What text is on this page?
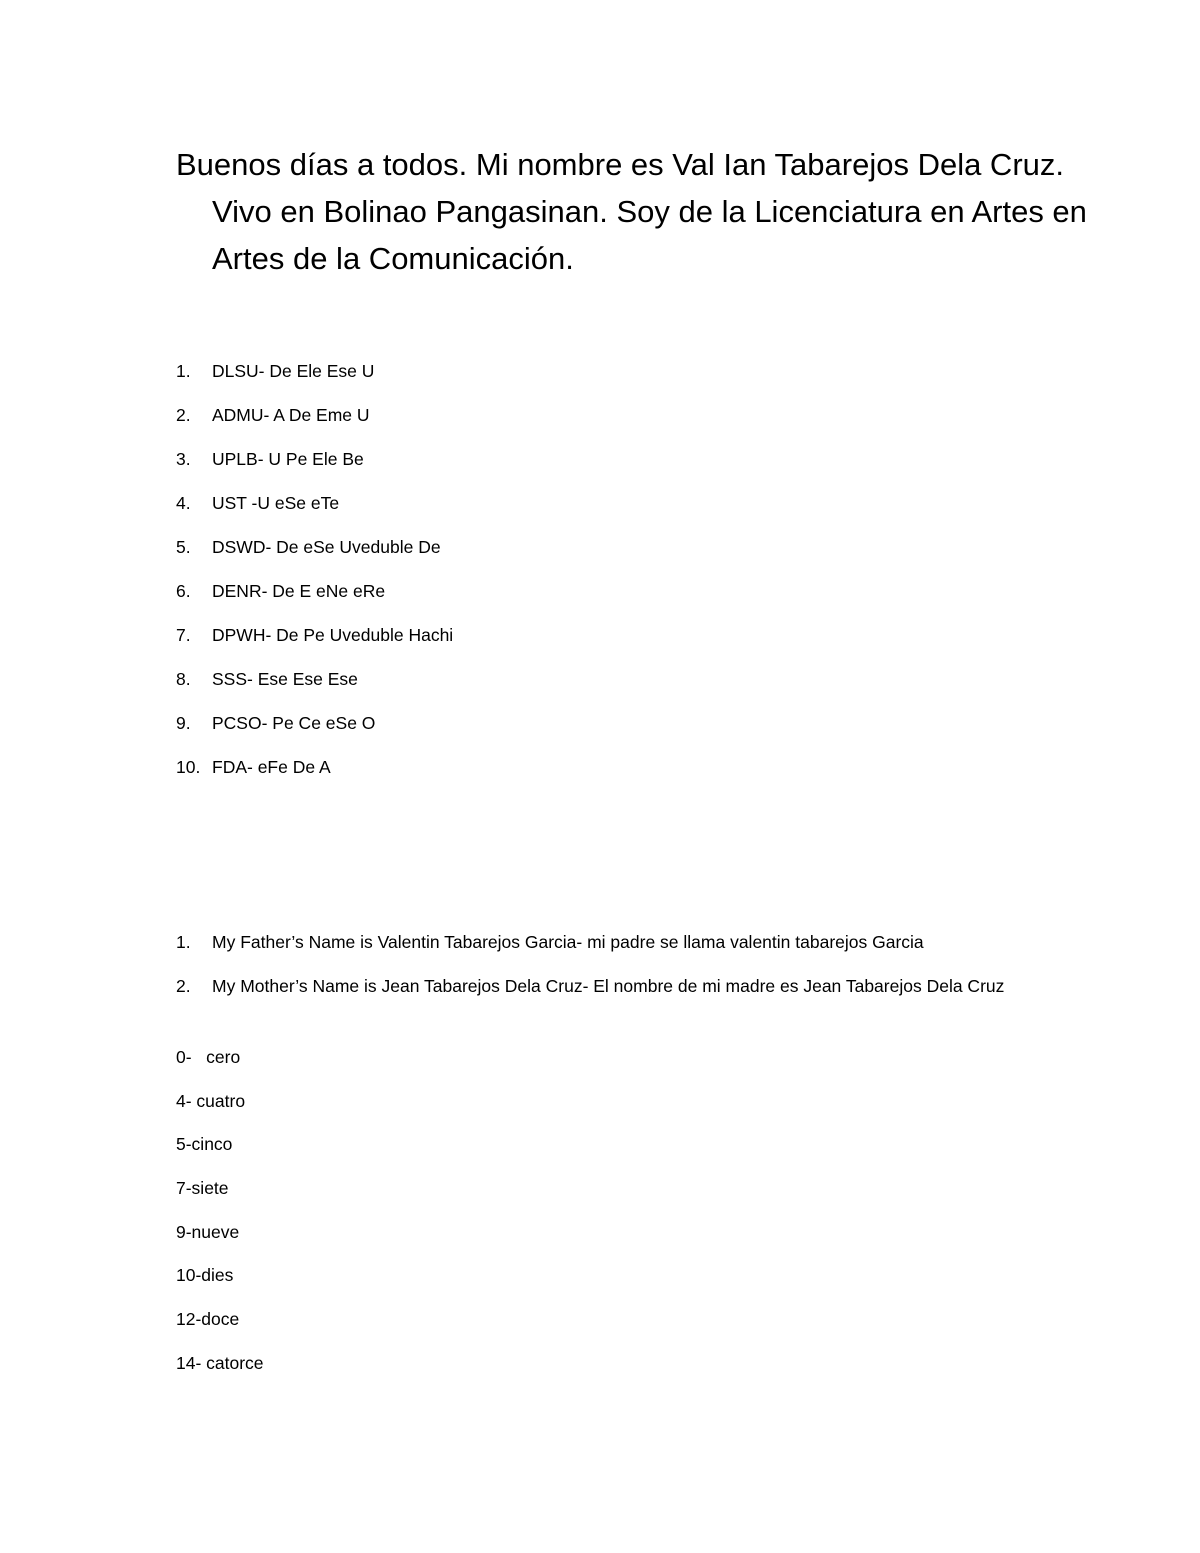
Buenos días a todos. Mi nombre es Val Ian Tabarejos Dela Cruz. Vivo en Bolinao Pangasinan. Soy de la Licenciatura en Artes en Artes de la Comunicación.

1. DLSU- De Ele Ese U
2. ADMU- A De Eme U
3. UPLB- U Pe Ele Be
4. UST -U eSe eTe
5. DSWD- De eSe Uveduble De
6. DENR- De E eNe eRe
7. DPWH- De Pe Uveduble Hachi
8. SSS- Ese Ese Ese
9. PCSO- Pe Ce eSe O
10. FDA- eFe De A
1.	My Father’s Name is Valentin Tabarejos Garcia- mi padre se llama valentin tabarejos Garcia
2.	My Mother’s Name is Jean Tabarejos Dela Cruz- El nombre de mi madre es Jean Tabarejos Dela Cruz
0-   cero
4- cuatro
5-cinco
7-siete
9-nueve
10-dies
12-doce
14- catorce
